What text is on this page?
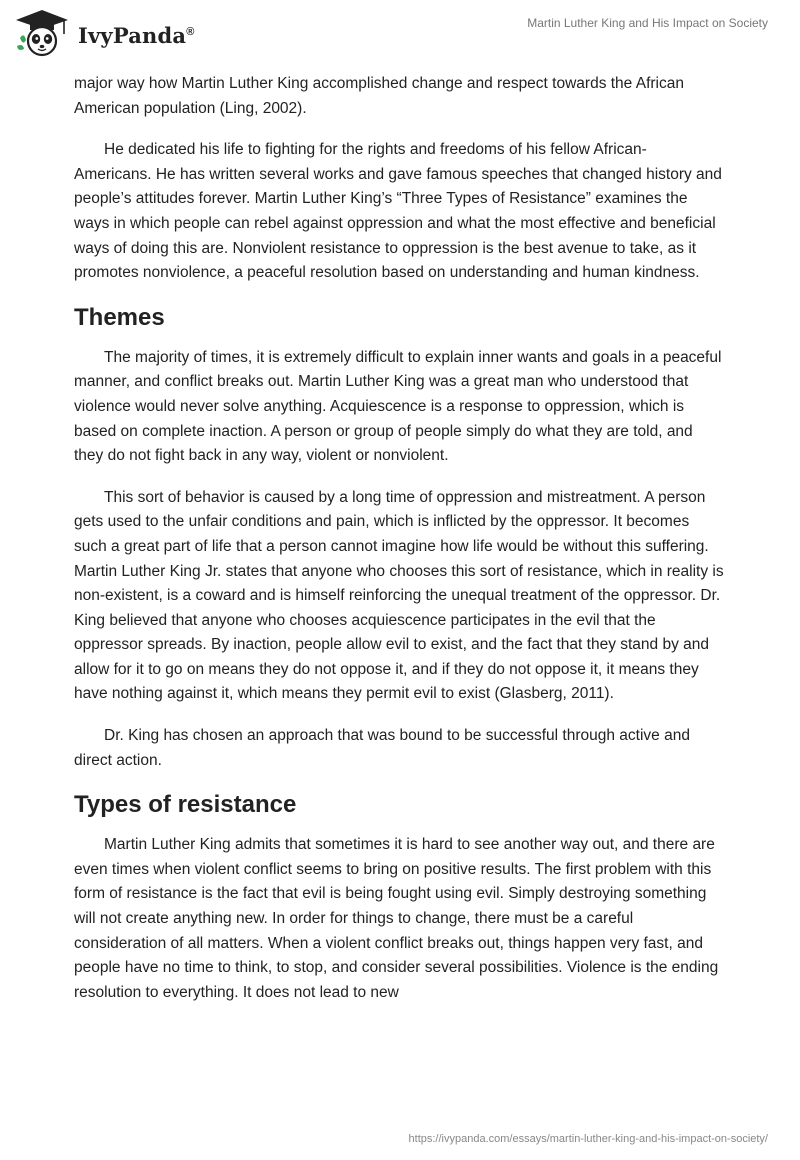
IvyPanda®
Martin Luther King and His Impact on Society

major way how Martin Luther King accomplished change and respect towards the African American population (Ling, 2002).

He dedicated his life to fighting for the rights and freedoms of his fellow African-Americans. He has written several works and gave famous speeches that changed history and people’s attitudes forever. Martin Luther King’s “Three Types of Resistance” examines the ways in which people can rebel against oppression and what the most effective and beneficial ways of doing this are. Nonviolent resistance to oppression is the best avenue to take, as it promotes nonviolence, a peaceful resolution based on understanding and human kindness.

Themes

The majority of times, it is extremely difficult to explain inner wants and goals in a peaceful manner, and conflict breaks out. Martin Luther King was a great man who understood that violence would never solve anything. Acquiescence is a response to oppression, which is based on complete inaction. A person or group of people simply do what they are told, and they do not fight back in any way, violent or nonviolent.

This sort of behavior is caused by a long time of oppression and mistreatment. A person gets used to the unfair conditions and pain, which is inflicted by the oppressor. It becomes such a great part of life that a person cannot imagine how life would be without this suffering. Martin Luther King Jr. states that anyone who chooses this sort of resistance, which in reality is non-existent, is a coward and is himself reinforcing the unequal treatment of the oppressor. Dr. King believed that anyone who chooses acquiescence participates in the evil that the oppressor spreads. By inaction, people allow evil to exist, and the fact that they stand by and allow for it to go on means they do not oppose it, and if they do not oppose it, it means they have nothing against it, which means they permit evil to exist (Glasberg, 2011).

Dr. King has chosen an approach that was bound to be successful through active and direct action.

Types of resistance

Martin Luther King admits that sometimes it is hard to see another way out, and there are even times when violent conflict seems to bring on positive results. The first problem with this form of resistance is the fact that evil is being fought using evil. Simply destroying something will not create anything new. In order for things to change, there must be a careful consideration of all matters. When a violent conflict breaks out, things happen very fast, and people have no time to think, to stop, and consider several possibilities. Violence is the ending resolution to everything. It does not lead to new

https://ivypanda.com/essays/martin-luther-king-and-his-impact-on-society/
